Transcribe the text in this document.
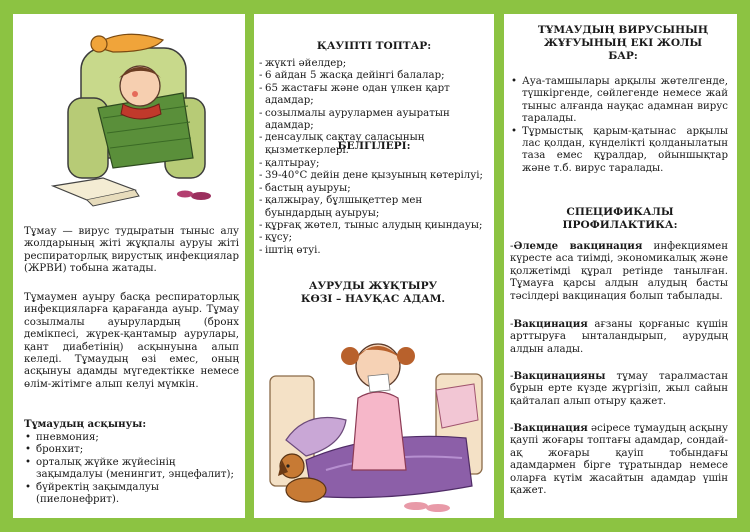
Тұмау — вирус тудыратын тыныс алу жолдарының жіті жұқпалы ауруы жіті респираторлық вирустық инфекциялар (ЖРВИ) тобына жатады.

Тұмаумен ауыру басқа респираторлық инфекцияларға қарағанда ауыр. Тұмау созылмалы ауырулардың (бронх демікпесі, жүрек-қантамыр аурулары, қант диабетінің) асқынуына алып келеді. Тұмаудың өзі емес, оның асқынуы адамды мүгедектікке немесе өлім-жітімге алып келуі мүмкін.

Тұмаудың асқынуы:

• пневмония;
• бронхит;
• орталық жүйке жүйесінің зақымдалуы (менингит, энцефалит);
• бүйректің зақымдалуы (пиелонефрит).
ҚАУІПТІ ТОПТАР:
- жүкті әйелдер;
- 6 айдан 5 жасқа дейінгі балалар;
- 65 жастағы және одан үлкен қарт адамдар;
- созылмалы аурулармен ауыратын адамдар;
- денсаулық сақтау саласының қызметкерлері.
БЕЛГІЛЕРІ:
- қалтырау;
- 39-40°С дейін дене қызуының көтерілуі;
- бастың ауыруы;
- қалжырау, бұлшықеттер мен буындардың ауыруы;
- құрғақ жөтел, тыныс алудың қиындауы;
- құсу;
- іштің өтуі.
АУРУДЫ ЖҰҚТЫРУ КӨЗІ – НАУҚАС АДАМ.
ТҰМАУДЫҢ ВИРУСЫНЫҢ ЖҰҒУЫНЫҢ ЕКІ ЖОЛЫ БАР:
• Ауа-тамшылары арқылы жөтелгенде, түшкіргенде, сөйлегенде немесе жай тыныс алғанда науқас адамнан вирус таралады.
• Тұрмыстық қарым-қатынас арқылы лас қолдан, күнделікті қолданылатын таза емес құралдар, ойыншықтар және т.б. вирус таралады.
СПЕЦИФИКАЛЫ ПРОФИЛАКТИКА:
-Әлемде вакцинация инфекциямен күресте аса тиімді, экономикалық және қолжетімді құрал ретінде танылған. Тұмауға қарсы алдын алудың басты тәсілдері вакцинация болып табылады.
-Вакцинация ағзаны қорғаныс күшін арттыруға ынталандырып, аурудың алдын алады.
-Вакцинацияны тұмау таралмастан бұрын ерте күзде жүргізіп, жыл сайын қайталап алып отыру қажет.
-Вакцинация әсіресе тұмаудың асқыну қаупі жоғары топтағы адамдар, сондай-ақ жоғары қауіп тобындағы адамдармен бірге тұратындар немесе оларға күтім жасайтын адамдар үшін қажет.
